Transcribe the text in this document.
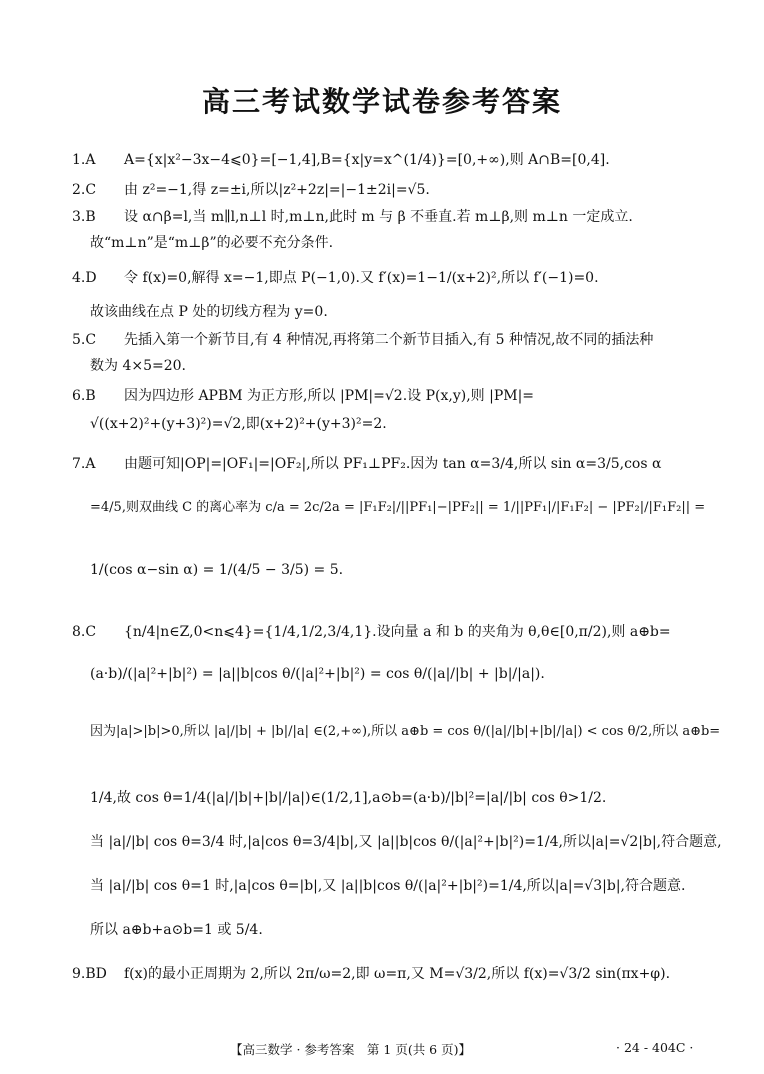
高三考试数学试卷参考答案
1.A A={x|x²−3x−4⩽0}=[−1,4],B={x|y=x^(1/4)}=[0,+∞),则 A∩B=[0,4].
2.C 由 z²=−1,得 z=±i,所以|z²+2z|=|−1±2i|=√5.
3.B 设 α∩β=l,当 m∥l,n⊥l 时,m⊥n,此时 m 与 β 不垂直.若 m⊥β,则 m⊥n 一定成立.
故“m⊥n”是“m⊥β”的必要不充分条件.
4.D 令 f(x)=0,解得 x=−1,即点 P(−1,0).又 f′(x)=1−1/(x+2)²,所以 f′(−1)=0.
故该曲线在点 P 处的切线方程为 y=0.
5.C 先插入第一个新节目,有 4 种情况,再将第二个新节目插入,有 5 种情况,故不同的插法种
数为 4×5=20.
6.B 因为四边形 APBM 为正方形,所以 |PM|=√2.设 P(x,y),则 |PM|=
√((x+2)²+(y+3)²)=√2,即(x+2)²+(y+3)²=2.
7.A 由题可知|OP|=|OF₁|=|OF₂|,所以 PF₁⊥PF₂.因为 tan α=3/4,所以 sin α=3/5,cos α
=4/5,则双曲线 C 的离心率为 c/a = 2c/2a = |F₁F₂|/||PF₁|−|PF₂|| = 1/||PF₁|/|F₁F₂| − |PF₂|/|F₁F₂|| =
1/(cos α−sin α) = 1/(4/5 − 3/5) = 5.
8.C {n/4|n∈Z,0<n⩽4}={1/4,1/2,3/4,1}.设向量 a 和 b 的夹角为 θ,θ∈[0,π/2),则 a⊕b=
(a·b)/(|a|²+|b|²) = |a||b|cos θ/(|a|²+|b|²) = cos θ/(|a|/|b| + |b|/|a|).
因为|a|>|b|>0,所以 |a|/|b| + |b|/|a| ∈(2,+∞),所以 a⊕b = cos θ/(|a|/|b|+|b|/|a|) < cos θ/2,所以 a⊕b=
1/4,故 cos θ=1/4(|a|/|b|+|b|/|a|)∈(1/2,1],a⊙b=(a·b)/|b|²=|a|/|b| cos θ>1/2.
当 |a|/|b| cos θ=3/4 时,|a|cos θ=3/4|b|,又 |a||b|cos θ/(|a|²+|b|²)=1/4,所以|a|=√2|b|,符合题意,
当 |a|/|b| cos θ=1 时,|a|cos θ=|b|,又 |a||b|cos θ/(|a|²+|b|²)=1/4,所以|a|=√3|b|,符合题意.
所以 a⊕b+a⊙b=1 或 5/4.
9.BD f(x)的最小正周期为 2,所以 2π/ω=2,即 ω=π,又 M=√3/2,所以 f(x)=√3/2 sin(πx+φ).
【高三数学 · 参考答案　第 1 页(共 6 页)】	· 24 - 404C ·
